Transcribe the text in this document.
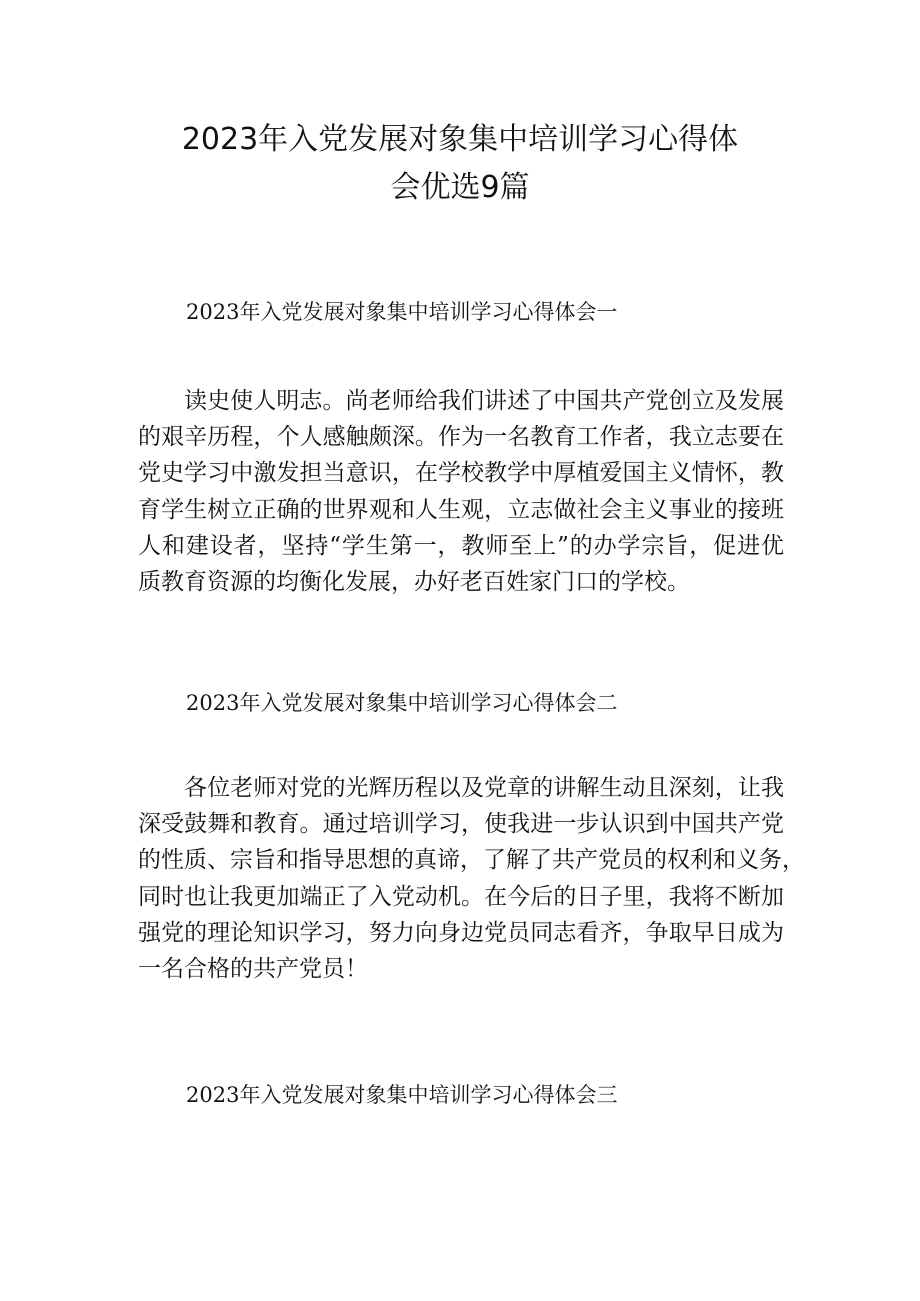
2023年入党发展对象集中培训学习心得体
会优选9篇
2023年入党发展对象集中培训学习心得体会一
读史使人明志。尚老师给我们讲述了中国共产党创立及发展
的艰辛历程，个人感触颇深。作为一名教育工作者，我立志要在
党史学习中激发担当意识，在学校教学中厚植爱国主义情怀，教
育学生树立正确的世界观和人生观，立志做社会主义事业的接班
人和建设者，坚持“学生第一，教师至上”的办学宗旨，促进优
质教育资源的均衡化发展，办好老百姓家门口的学校。
2023年入党发展对象集中培训学习心得体会二
各位老师对党的光辉历程以及党章的讲解生动且深刻，让我
深受鼓舞和教育。通过培训学习，使我进一步认识到中国共产党
的性质、宗旨和指导思想的真谛，了解了共产党员的权利和义务，
同时也让我更加端正了入党动机。在今后的日子里，我将不断加
强党的理论知识学习，努力向身边党员同志看齐，争取早日成为
一名合格的共产党员！
2023年入党发展对象集中培训学习心得体会三
